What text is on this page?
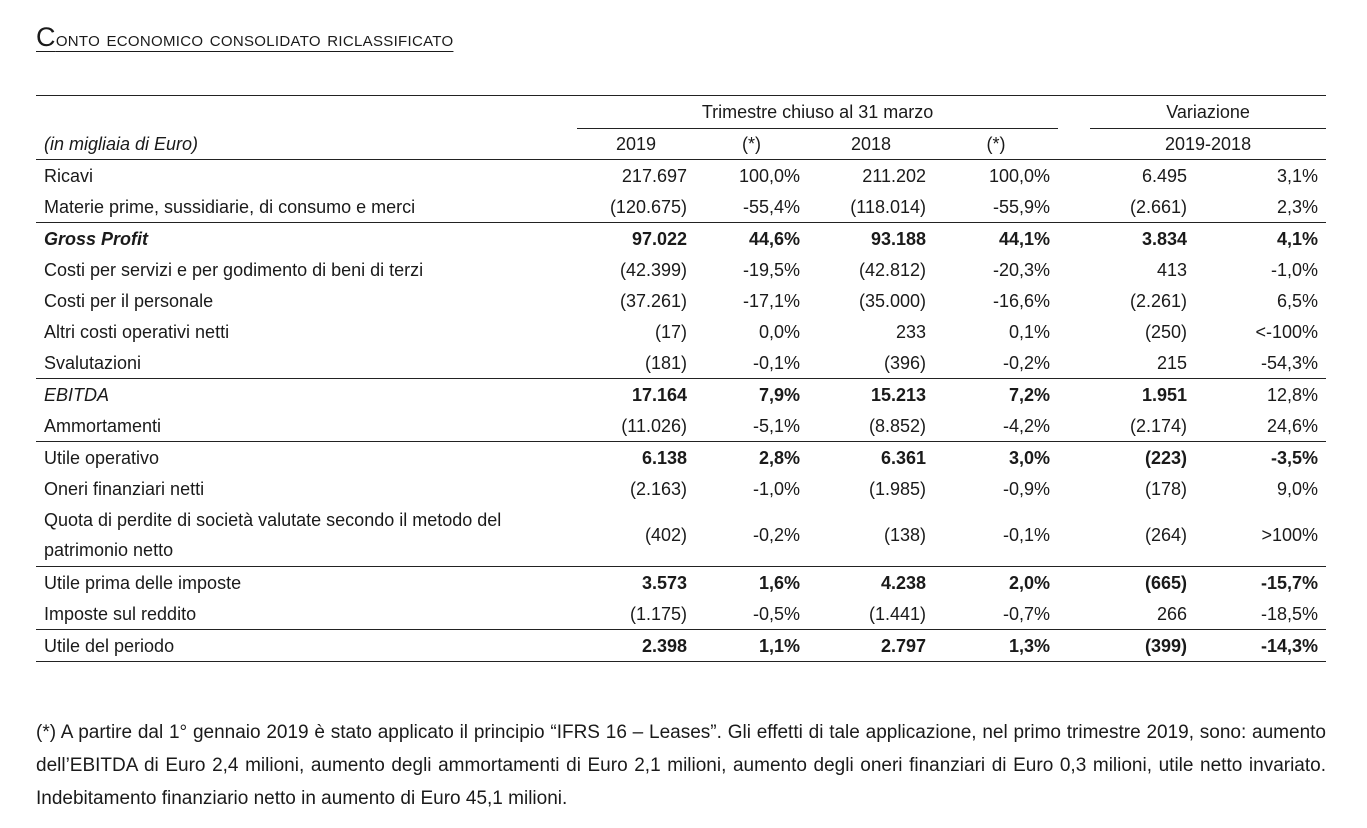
Conto economico consolidato riclassificato
	Trimestre chiuso al 31 marzo					Variazione	
(in migliaia di Euro)	2019	(*)	2018	(*)		2019-2018	
Ricavi	217.697	100,0%	211.202	100,0%		6.495	3,1%
Materie prime, sussidiarie, di consumo e merci	(120.675)	-55,4%	(118.014)	-55,9%		(2.661)	2,3%
Gross Profit	97.022	44,6%	93.188	44,1%		3.834	4,1%
Costi per servizi e per godimento di beni di terzi	(42.399)	-19,5%	(42.812)	-20,3%		413	-1,0%
Costi per il personale	(37.261)	-17,1%	(35.000)	-16,6%		(2.261)	6,5%
Altri costi operativi netti	(17)	0,0%	233	0,1%		(250)	<-100%
Svalutazioni	(181)	-0,1%	(396)	-0,2%		215	-54,3%
EBITDA	17.164	7,9%	15.213	7,2%		1.951	12,8%
Ammortamenti	(11.026)	-5,1%	(8.852)	-4,2%		(2.174)	24,6%
Utile operativo	6.138	2,8%	6.361	3,0%		(223)	-3,5%
Oneri finanziari netti	(2.163)	-1,0%	(1.985)	-0,9%		(178)	9,0%
Quota di perdite di società valutate secondo il metodo del patrimonio netto	(402)	-0,2%	(138)	-0,1%		(264)	>100%
Utile prima delle imposte	3.573	1,6%	4.238	2,0%		(665)	-15,7%
Imposte sul reddito	(1.175)	-0,5%	(1.441)	-0,7%		266	-18,5%
Utile del periodo	2.398	1,1%	2.797	1,3%		(399)	-14,3%
(*) A partire dal 1° gennaio 2019 è stato applicato il principio “IFRS 16 – Leases”. Gli effetti di tale applicazione, nel primo trimestre 2019, sono: aumento dell’EBITDA di Euro 2,4 milioni, aumento degli ammortamenti di Euro 2,1 milioni, aumento degli oneri finanziari di Euro 0,3 milioni, utile netto invariato. Indebitamento finanziario netto in aumento di Euro 45,1 milioni.
